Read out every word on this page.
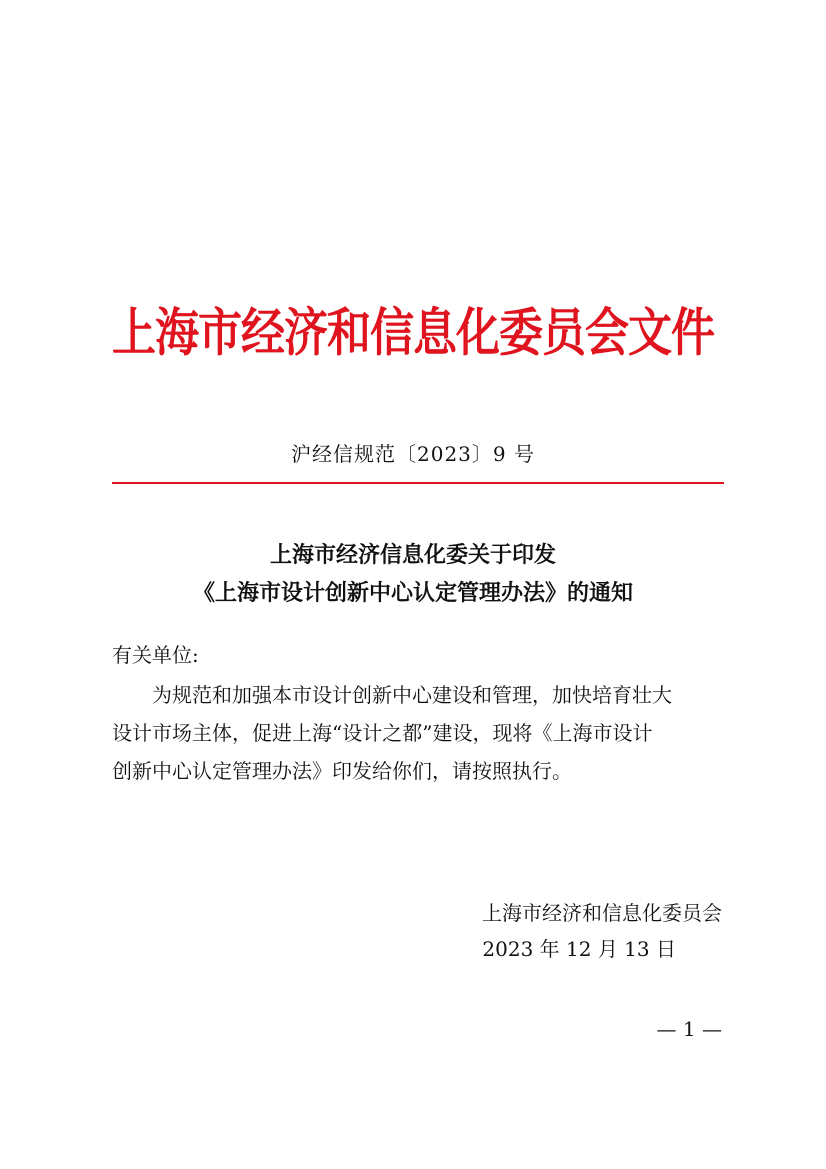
上海市经济和信息化委员会文件
沪经信规范〔2023〕9 号
上海市经济信息化委关于印发
《上海市设计创新中心认定管理办法》的通知
有关单位:
为规范和加强本市设计创新中心建设和管理，加快培育壮大
设计市场主体，促进上海“设计之都”建设，现将《上海市设计
创新中心认定管理办法》印发给你们，请按照执行。
上海市经济和信息化委员会
2023 年 12 月 13 日
— 1 —
